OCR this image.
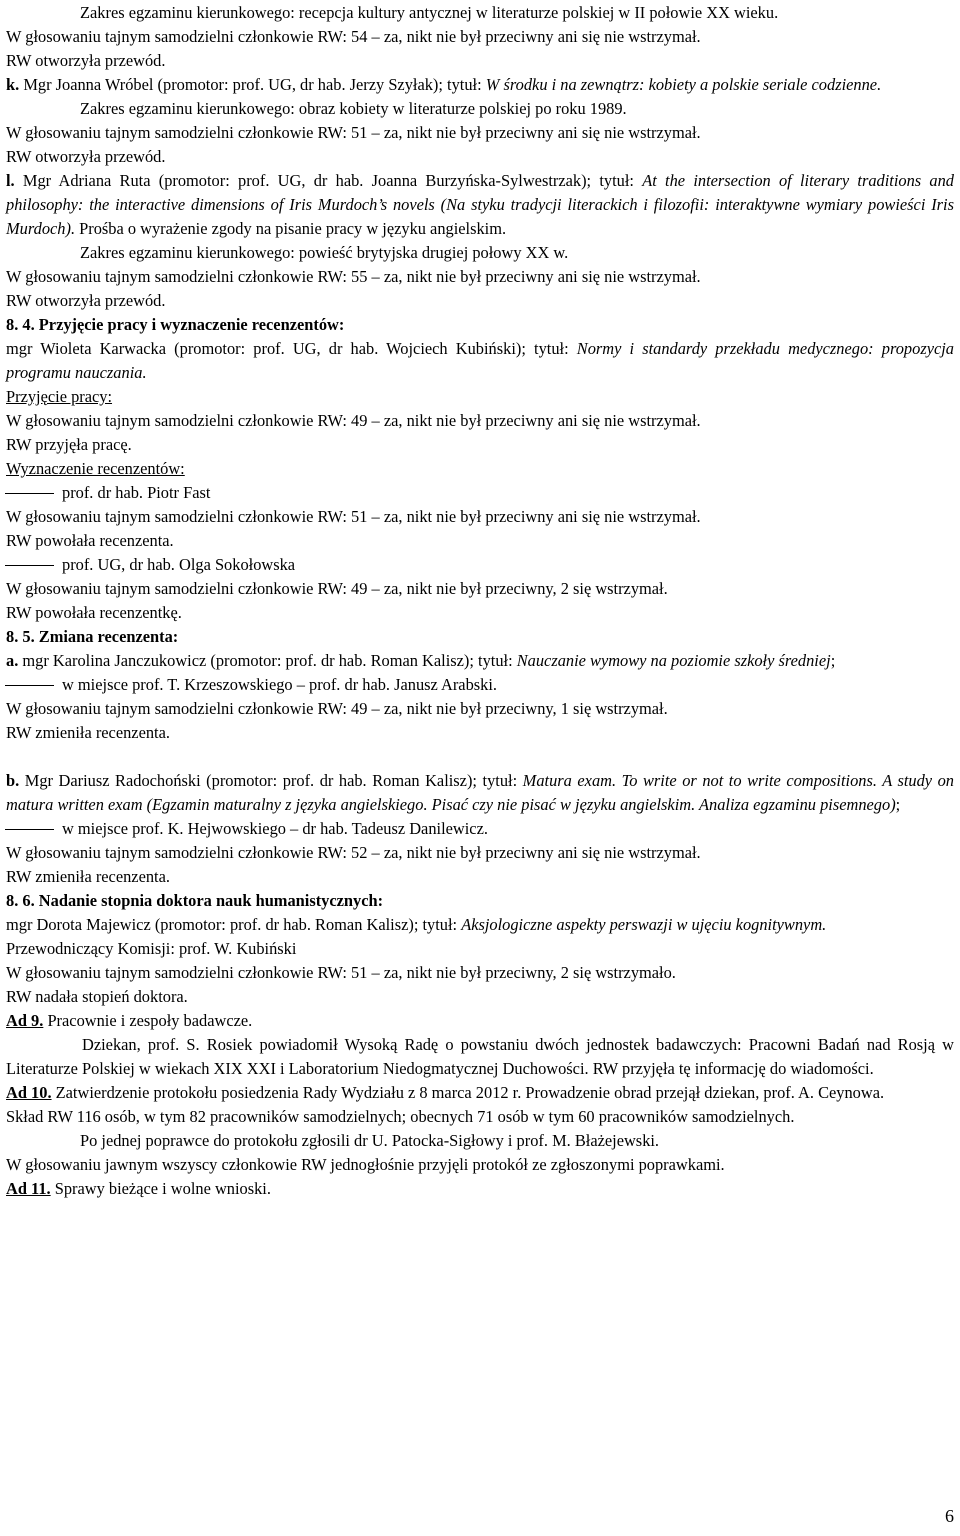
Zakres egzaminu kierunkowego: recepcja kultury antycznej w literaturze polskiej w II połowie XX wieku.

W głosowaniu tajnym samodzielni członkowie RW: 54 – za, nikt nie był przeciwny ani się nie wstrzymał.

RW otworzyła przewód.

k. Mgr Joanna Wróbel (promotor: prof. UG, dr hab. Jerzy Szyłak); tytuł: W środku i na zewnątrz: kobiety a polskie seriale codzienne.

Zakres egzaminu kierunkowego: obraz kobiety w literaturze polskiej po roku 1989.

W głosowaniu tajnym samodzielni członkowie RW: 51 – za, nikt nie był przeciwny ani się nie wstrzymał.

RW otworzyła przewód.

l. Mgr Adriana Ruta (promotor: prof. UG, dr hab. Joanna Burzyńska-Sylwestrzak); tytuł: At the intersection of literary traditions and philosophy: the interactive dimensions of Iris Murdoch’s novels (Na styku tradycji literackich i filozofii: interaktywne wymiary powieści Iris Murdoch). Prośba o wyrażenie zgody na pisanie pracy w języku angielskim.

Zakres egzaminu kierunkowego: powieść brytyjska drugiej połowy XX w.

W głosowaniu tajnym samodzielni członkowie RW: 55 – za, nikt nie był przeciwny ani się nie wstrzymał.

RW otworzyła przewód.

8. 4. Przyjęcie pracy i wyznaczenie recenzentów:

mgr Wioleta Karwacka (promotor: prof. UG, dr hab. Wojciech Kubiński); tytuł: Normy i standardy przekładu medycznego: propozycja programu nauczania.

Przyjęcie pracy:

W głosowaniu tajnym samodzielni członkowie RW: 49 – za, nikt nie był przeciwny ani się nie wstrzymał.

RW przyjęła pracę.

Wyznaczenie recenzentów:

prof. dr hab. Piotr Fast

W głosowaniu tajnym samodzielni członkowie RW: 51 – za, nikt nie był przeciwny ani się nie wstrzymał.

RW powołała recenzenta.

prof. UG, dr hab. Olga Sokołowska

W głosowaniu tajnym samodzielni członkowie RW: 49 – za, nikt nie był przeciwny, 2 się wstrzymał.

RW powołała recenzentkę.

8. 5. Zmiana recenzenta:

a. mgr Karolina Janczukowicz (promotor: prof. dr hab. Roman Kalisz); tytuł: Nauczanie wymowy na poziomie szkoły średniej;

w miejsce prof. T. Krzeszowskiego – prof. dr hab. Janusz Arabski.

W głosowaniu tajnym samodzielni członkowie RW: 49 – za, nikt nie był przeciwny, 1 się wstrzymał.

RW zmieniła recenzenta.

b. Mgr Dariusz Radochoński (promotor: prof. dr hab. Roman Kalisz); tytuł: Matura exam. To write or not to write compositions. A study on matura written exam (Egzamin maturalny z języka angielskiego. Pisać czy nie pisać w języku angielskim. Analiza egzaminu pisemnego);

w miejsce prof. K. Hejwowskiego – dr hab. Tadeusz Danilewicz.

W głosowaniu tajnym samodzielni członkowie RW: 52 – za, nikt nie był przeciwny ani się nie wstrzymał.

RW zmieniła recenzenta.

8. 6. Nadanie stopnia doktora nauk humanistycznych:

mgr Dorota Majewicz (promotor: prof. dr hab. Roman Kalisz); tytuł: Aksjologiczne aspekty perswazji w ujęciu kognitywnym.

Przewodniczący Komisji: prof. W. Kubiński

W głosowaniu tajnym samodzielni członkowie RW: 51 – za, nikt nie był przeciwny, 2 się wstrzymało.

RW nadała stopień doktora.

Ad 9. Pracownie i zespoły badawcze.

Dziekan, prof. S. Rosiek powiadomił Wysoką Radę o powstaniu dwóch jednostek badawczych: Pracowni Badań nad Rosją w Literaturze Polskiej w wiekach XIX XXI i Laboratorium Niedogmatycznej Duchowości. RW przyjęła tę informację do wiadomości.

Ad 10. Zatwierdzenie protokołu posiedzenia Rady Wydziału z 8 marca 2012 r. Prowadzenie obrad przejął dziekan, prof. A. Ceynowa.

Skład RW 116 osób, w tym 82 pracowników samodzielnych; obecnych 71 osób w tym 60 pracowników samodzielnych.

Po jednej poprawce do protokołu zgłosili dr U. Patocka-Sigłowy i prof. M. Błażejewski.

W głosowaniu jawnym wszyscy członkowie RW jednogłośnie przyjęli protokół ze zgłoszonymi poprawkami.

Ad 11. Sprawy bieżące i wolne wnioski.

6
